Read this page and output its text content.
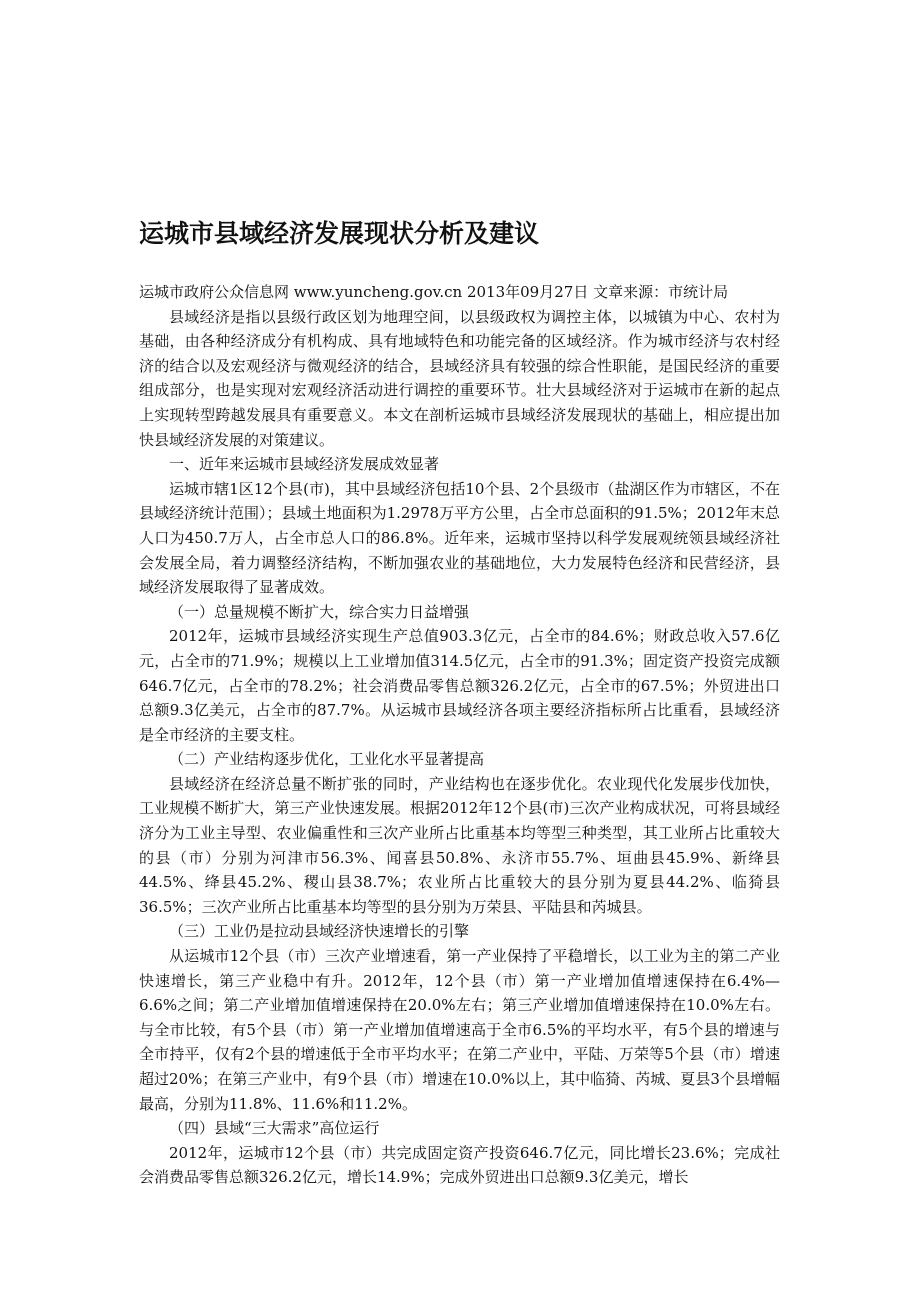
运城市县域经济发展现状分析及建议

运城市政府公众信息网 www.yuncheng.gov.cn 2013年09月27日 文章来源：市统计局

县域经济是指以县级行政区划为地理空间，以县级政权为调控主体，以城镇为中心、农村为基础，由各种经济成分有机构成、具有地域特色和功能完备的区域经济。作为城市经济与农村经济的结合以及宏观经济与微观经济的结合，县域经济具有较强的综合性职能，是国民经济的重要组成部分，也是实现对宏观经济活动进行调控的重要环节。壮大县域经济对于运城市在新的起点上实现转型跨越发展具有重要意义。本文在剖析运城市县域经济发展现状的基础上，相应提出加快县域经济发展的对策建议。

一、近年来运城市县域经济发展成效显著

运城市辖1区12个县(市)，其中县域经济包括10个县、2个县级市（盐湖区作为市辖区，不在县域经济统计范围）；县域土地面积为1.2978万平方公里，占全市总面积的91.5%；2012年末总人口为450.7万人，占全市总人口的86.8%。近年来，运城市坚持以科学发展观统领县域经济社会发展全局，着力调整经济结构，不断加强农业的基础地位，大力发展特色经济和民营经济，县域经济发展取得了显著成效。

（一）总量规模不断扩大，综合实力日益增强

2012年，运城市县域经济实现生产总值903.3亿元，占全市的84.6%；财政总收入57.6亿元，占全市的71.9%；规模以上工业增加值314.5亿元，占全市的91.3%；固定资产投资完成额646.7亿元，占全市的78.2%；社会消费品零售总额326.2亿元，占全市的67.5%；外贸进出口总额9.3亿美元，占全市的87.7%。从运城市县域经济各项主要经济指标所占比重看，县域经济是全市经济的主要支柱。

（二）产业结构逐步优化，工业化水平显著提高

县域经济在经济总量不断扩张的同时，产业结构也在逐步优化。农业现代化发展步伐加快，工业规模不断扩大，第三产业快速发展。根据2012年12个县(市)三次产业构成状况，可将县域经济分为工业主导型、农业偏重性和三次产业所占比重基本均等型三种类型，其工业所占比重较大的县（市）分别为河津市56.3%、闻喜县50.8%、永济市55.7%、垣曲县45.9%、新绛县44.5%、绛县45.2%、稷山县38.7%；农业所占比重较大的县分别为夏县44.2%、临猗县36.5%；三次产业所占比重基本均等型的县分别为万荣县、平陆县和芮城县。

（三）工业仍是拉动县域经济快速增长的引擎

从运城市12个县（市）三次产业增速看，第一产业保持了平稳增长，以工业为主的第二产业快速增长，第三产业稳中有升。2012年，12个县（市）第一产业增加值增速保持在6.4%—6.6%之间；第二产业增加值增速保持在20.0%左右；第三产业增加值增速保持在10.0%左右。与全市比较，有5个县（市）第一产业增加值增速高于全市6.5%的平均水平，有5个县的增速与全市持平，仅有2个县的增速低于全市平均水平；在第二产业中，平陆、万荣等5个县（市）增速超过20%；在第三产业中，有9个县（市）增速在10.0%以上，其中临猗、芮城、夏县3个县增幅最高，分别为11.8%、11.6%和11.2%。

（四）县域“三大需求”高位运行

2012年，运城市12个县（市）共完成固定资产投资646.7亿元，同比增长23.6%；完成社会消费品零售总额326.2亿元，增长14.9%；完成外贸进出口总额9.3亿美元，增长
